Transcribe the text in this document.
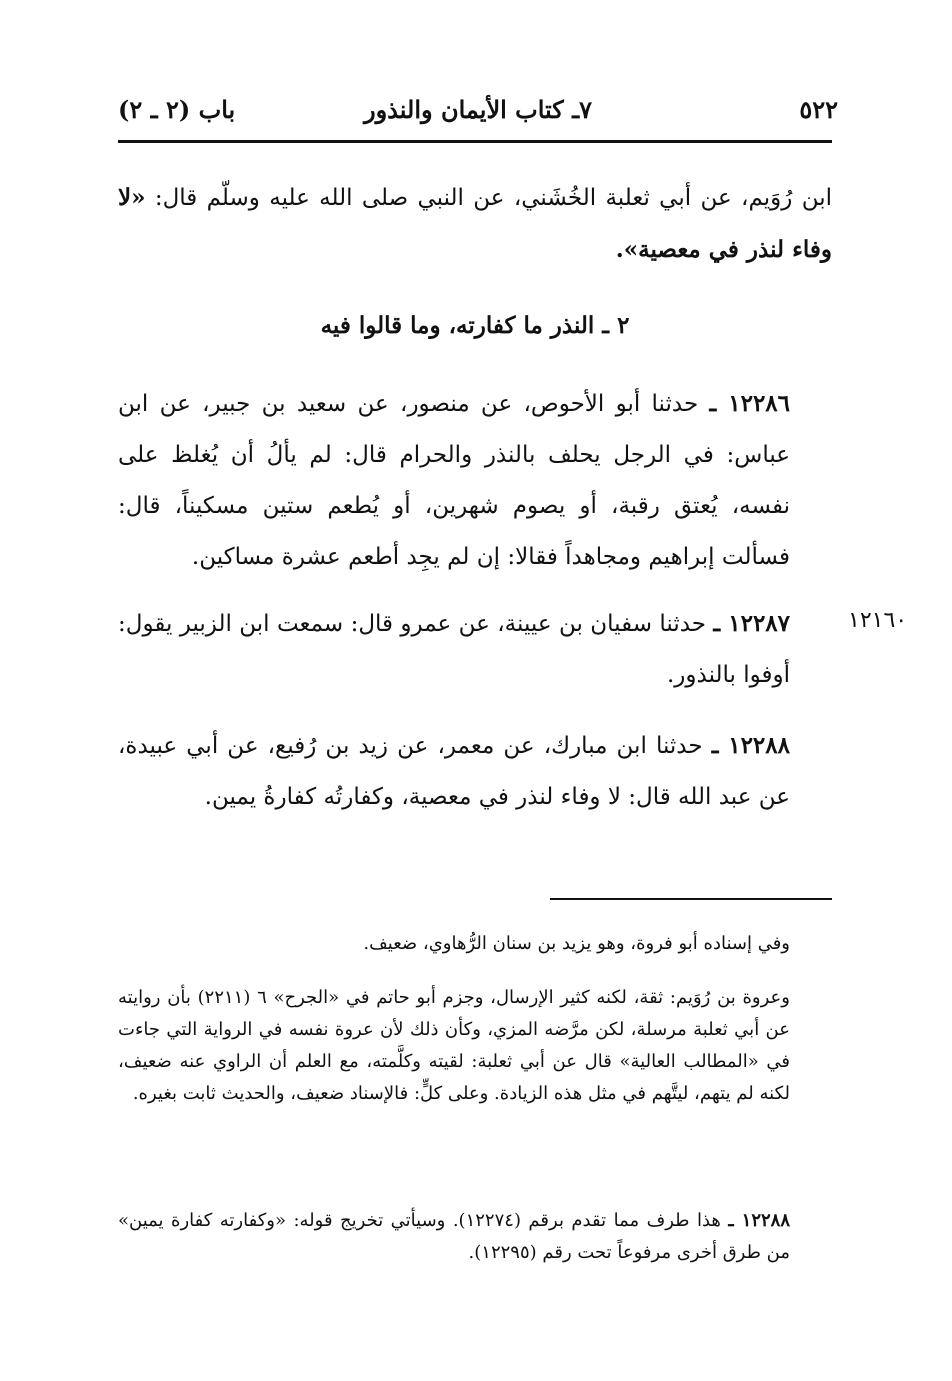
٥٢٢
٧ـ كتاب الأيمان والنذور
باب (٢ ـ ٢)
ابن رُوَيم، عن أبي ثعلبة الخُشَني، عن النبي صلى الله عليه وسلّم قال: «لا وفاء لنذر في معصية».
٢ ـ النذر ما كفارته، وما قالوا فيه
١٢٢٨٦ ـ حدثنا أبو الأحوص، عن منصور، عن سعيد بن جبير، عن ابن عباس: في الرجل يحلف بالنذر والحرام قال: لم يألُ أن يُغلظ على نفسه، يُعتق رقبة، أو يصوم شهرين، أو يُطعم ستين مسكيناً، قال: فسألت إبراهيم ومجاهداً فقالا: إن لم يجِد أطعم عشرة مساكين.
١٢١٦٠
١٢٢٨٧ ـ حدثنا سفيان بن عيينة، عن عمرو قال: سمعت ابن الزبير يقول: أوفوا بالنذور.
١٢٢٨٨ ـ حدثنا ابن مبارك، عن معمر، عن زيد بن رُفيع، عن أبي عبيدة، عن عبد الله قال: لا وفاء لنذر في معصية، وكفارتُه كفارةُ يمين.
وفي إسناده أبو فروة، وهو يزيد بن سنان الرُّهاوي، ضعيف.
وعروة بن رُوَيم: ثقة، لكنه كثير الإرسال، وجزم أبو حاتم في «الجرح» ٦ (٢٢١١) بأن روايته عن أبي ثعلبة مرسلة، لكن مرَّضه المزي، وكأن ذلك لأن عروة نفسه في الرواية التي جاءت في «المطالب العالية» قال عن أبي ثعلبة: لقيته وكلَّمته، مع العلم أن الراوي عنه ضعيف، لكنه لم يتهم، ليتَّهم في مثل هذه الزيادة. وعلى كلٍّ: فالإسناد ضعيف، والحديث ثابت بغيره.
١٢٢٨٨ ـ هذا طرف مما تقدم برقم (١٢٢٧٤). وسيأتي تخريج قوله: «وكفارته كفارة يمين» من طرق أخرى مرفوعاً تحت رقم (١٢٢٩٥).
